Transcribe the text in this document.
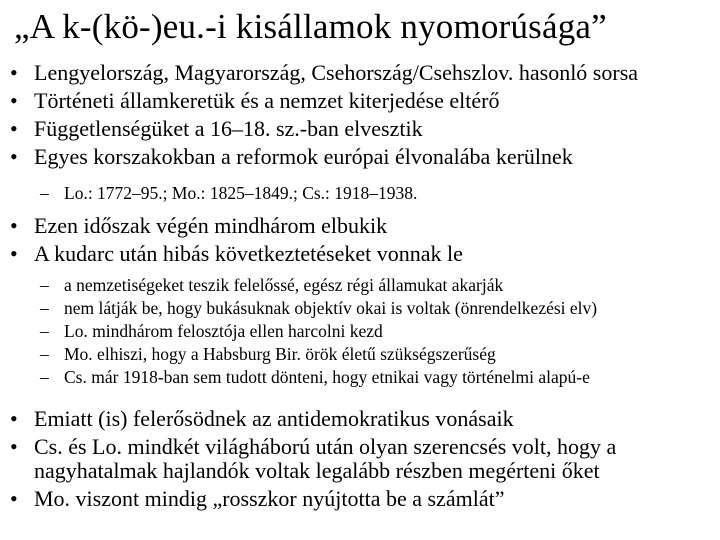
„A k-(kö-)eu.-i kisállamok nyomorúsága”
• Lengyelország, Magyarország, Csehország/Csehszlov. hasonló sorsa
• Történeti államkeretük és a nemzet kiterjedése eltérő
• Függetlenségüket a 16–18. sz.-ban elvesztik
• Egyes korszakokban a reformok európai élvonalába kerülnek
– Lo.: 1772–95.; Mo.: 1825–1849.; Cs.: 1918–1938.
• Ezen időszak végén mindhárom elbukik
• A kudarc után hibás következtetéseket vonnak le
– a nemzetiségeket teszik felelőssé, egész régi államukat akarják
– nem látják be, hogy bukásuknak objektív okai is voltak (önrendelkezési elv)
– Lo. mindhárom felosztója ellen harcolni kezd
– Mo. elhiszi, hogy a Habsburg Bir. örök életű szükségszerűség
– Cs. már 1918-ban sem tudott dönteni, hogy etnikai vagy történelmi alapú-e
• Emiatt (is) felerősödnek az antidemokratikus vonásaik
• Cs. és Lo. mindkét világháború után olyan szerencsés volt, hogy a nagyhatalmak hajlandók voltak legalább részben megérteni őket
• Mo. viszont mindig „rosszkor nyújtotta be a számlát”
